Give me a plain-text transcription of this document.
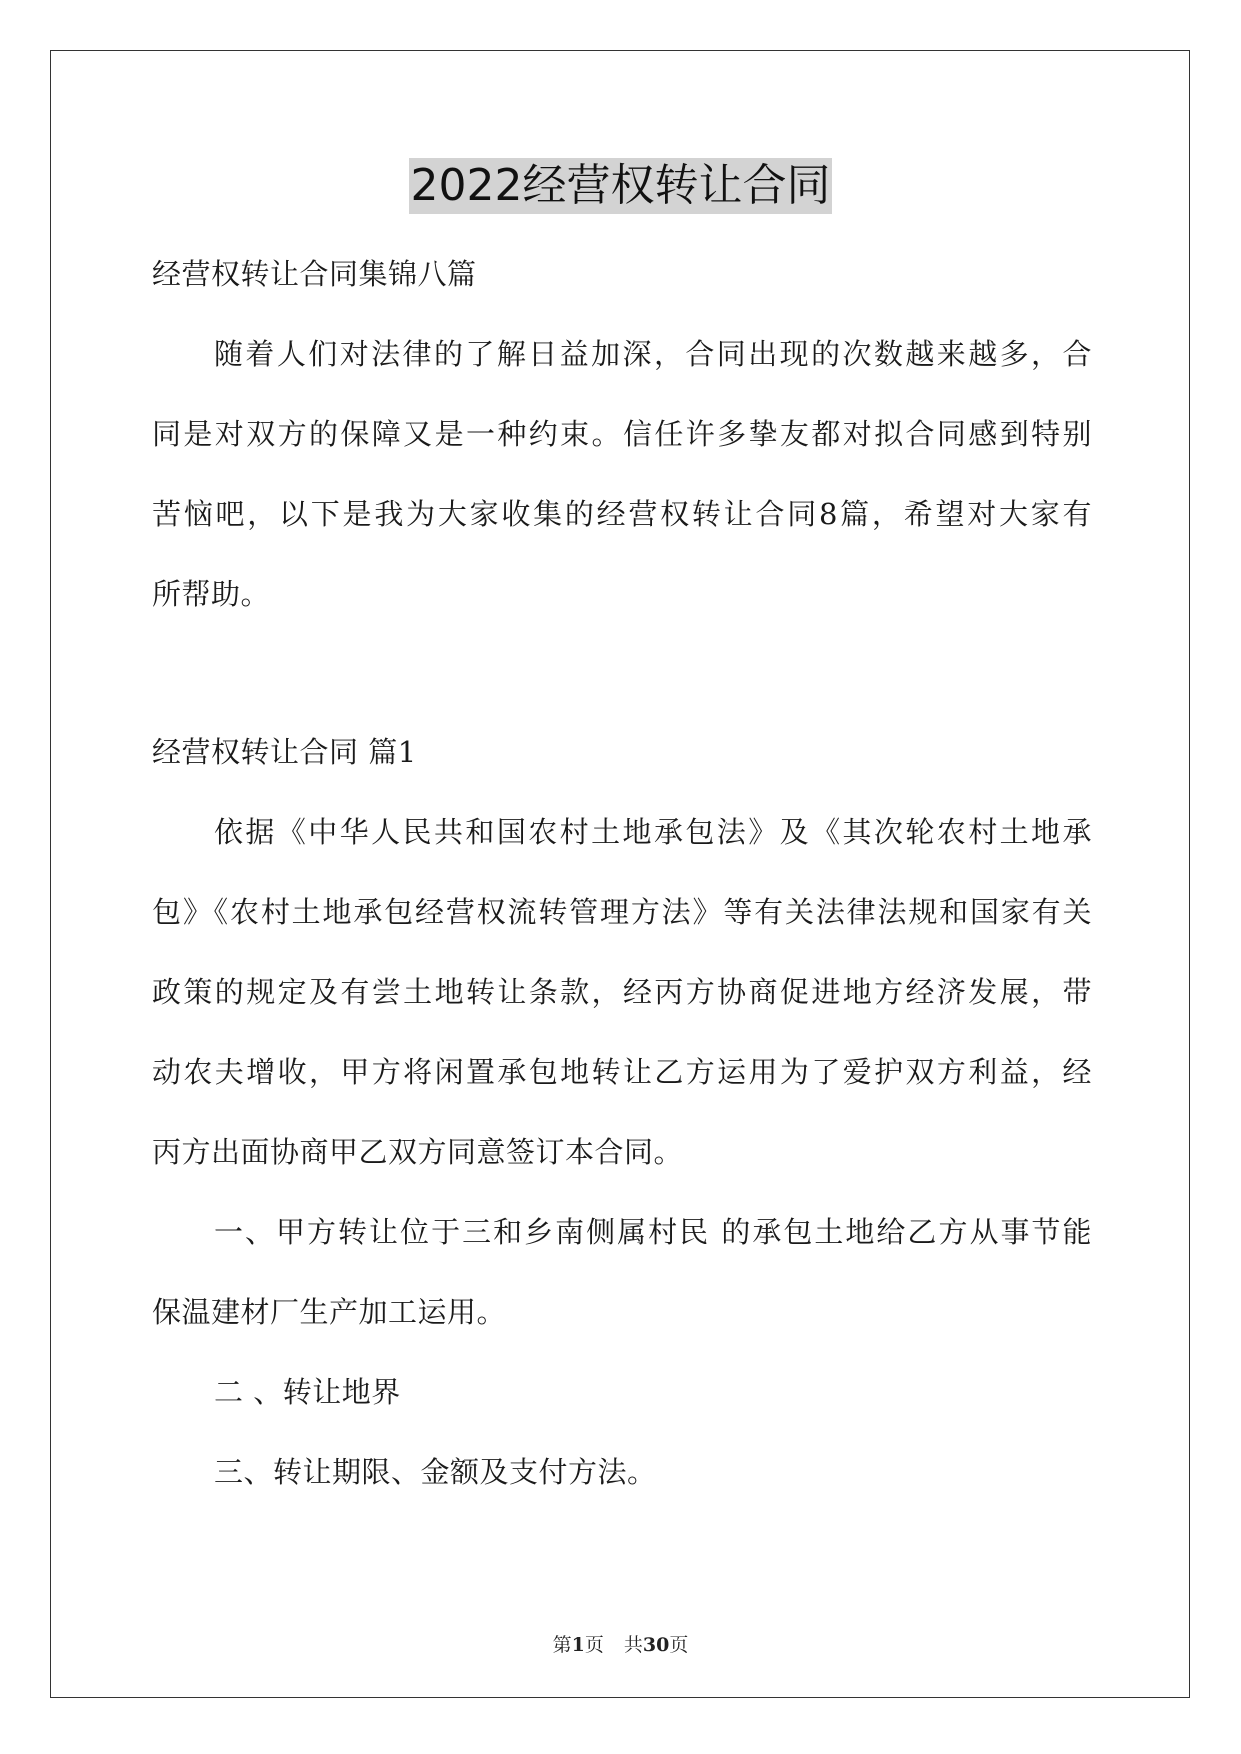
2022经营权转让合同
经营权转让合同集锦八篇
随着人们对法律的了解日益加深，合同出现的次数越来越多，合
同是对双方的保障又是一种约束。信任许多挚友都对拟合同感到特别
苦恼吧，以下是我为大家收集的经营权转让合同8篇，希望对大家有
所帮助。
经营权转让合同 篇1
依据《中华人民共和国农村土地承包法》及《其次轮农村土地承
包》《农村土地承包经营权流转管理方法》等有关法律法规和国家有关
政策的规定及有尝土地转让条款，经丙方协商促进地方经济发展，带
动农夫增收，甲方将闲置承包地转让乙方运用为了爱护双方利益，经
丙方出面协商甲乙双方同意签订本合同。
一、甲方转让位于三和乡南侧属村民 的承包土地给乙方从事节能
保温建材厂生产加工运用。
二 、转让地界
三、转让期限、金额及支付方法。
第1页 共30页
